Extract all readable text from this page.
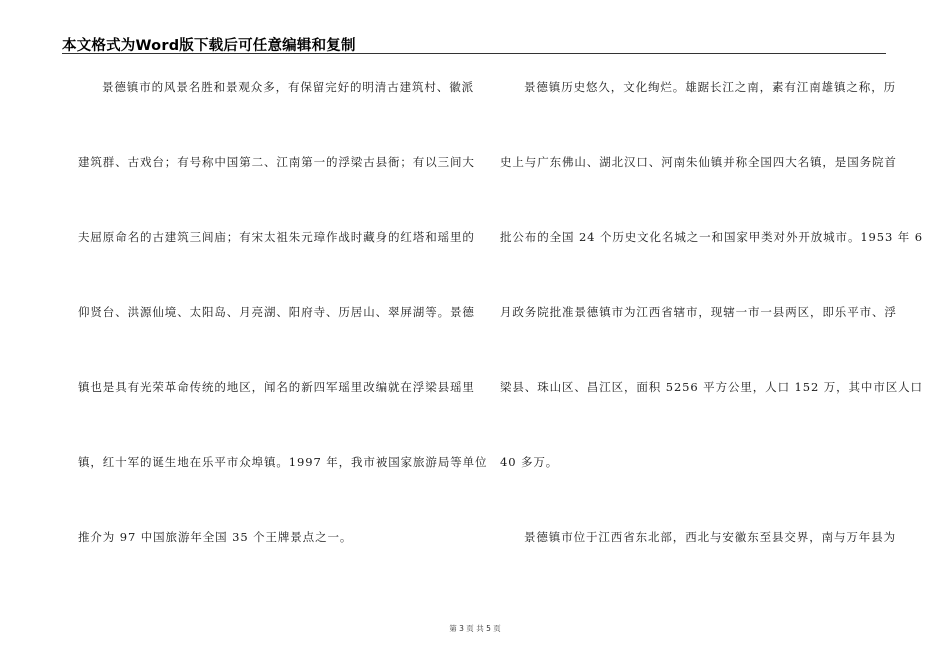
本文格式为Word版下载后可任意编辑和复制
景德镇市的风景名胜和景观众多，有保留完好的明清古建筑村、徽派
建筑群、古戏台；有号称中国第二、江南第一的浮梁古县衙；有以三间大
夫屈原命名的古建筑三闾庙；有宋太祖朱元璋作战时藏身的红塔和瑶里的
仰贤台、洪源仙境、太阳岛、月亮湖、阳府寺、历居山、翠屏湖等。景德
镇也是具有光荣革命传统的地区，闻名的新四军瑶里改编就在浮梁县瑶里
镇，红十军的诞生地在乐平市众埠镇。1997 年，我市被国家旅游局等单位
推介为 97 中国旅游年全国 35 个王牌景点之一。
景德镇历史悠久，文化绚烂。雄踞长江之南，素有江南雄镇之称，历
史上与广东佛山、湖北汉口、河南朱仙镇并称全国四大名镇，是国务院首
批公布的全国 24 个历史文化名城之一和国家甲类对外开放城市。1953 年 6
月政务院批准景德镇市为江西省辖市，现辖一市一县两区，即乐平市、浮
梁县、珠山区、昌江区，面积 5256 平方公里，人口 152 万，其中市区人口
40 多万。
景德镇市位于江西省东北部，西北与安徽东至县交界，南与万年县为
第 3 页 共 5 页
